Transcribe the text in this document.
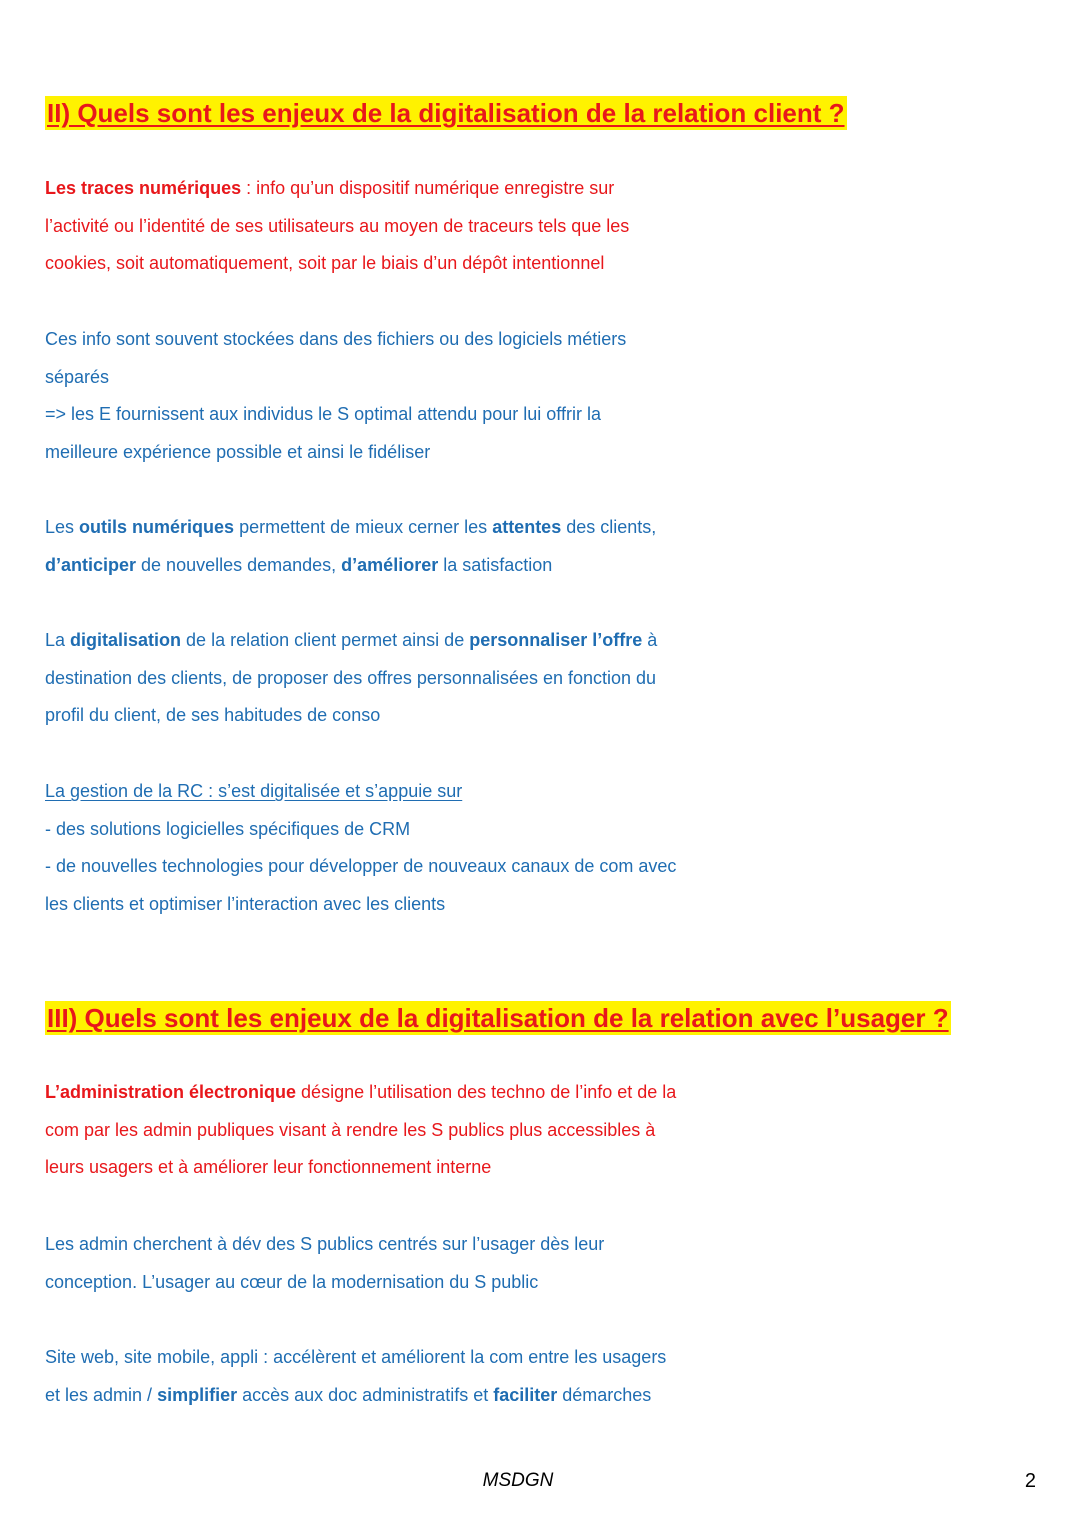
II) Quels sont les enjeux de la digitalisation de la relation client ?

Les traces numériques : info qu’un dispositif numérique enregistre sur
l’activité ou l’identité de ses utilisateurs au moyen de traceurs tels que les
cookies, soit automatiquement, soit par le biais d’un dépôt intentionnel

Ces info sont souvent stockées dans des fichiers ou des logiciels métiers
séparés
=> les E fournissent aux individus le S optimal attendu pour lui offrir la
meilleure expérience possible et ainsi le fidéliser

Les outils numériques permettent de mieux cerner les attentes des clients,
d’anticiper de nouvelles demandes, d’améliorer la satisfaction

La digitalisation de la relation client permet ainsi de personnaliser l’offre à
destination des clients, de proposer des offres personnalisées en fonction du
profil du client, de ses habitudes de conso

La gestion de la RC : s’est digitalisée et s’appuie sur
- des solutions logicielles spécifiques de CRM
- de nouvelles technologies pour développer de nouveaux canaux de com avec
les clients et optimiser l’interaction avec les clients

III) Quels sont les enjeux de la digitalisation de la relation avec l’usager ?

L’administration électronique désigne l’utilisation des techno de l’info et de la
com par les admin publiques visant à rendre les S publics plus accessibles à
leurs usagers et à améliorer leur fonctionnement interne

Les admin cherchent à dév des S publics centrés sur l’usager dès leur
conception. L’usager au cœur de la modernisation du S public

Site web, site mobile, appli : accélèrent et améliorent la com entre les usagers
et les admin / simplifier accès aux doc administratifs et faciliter démarches

MSDGN	2
